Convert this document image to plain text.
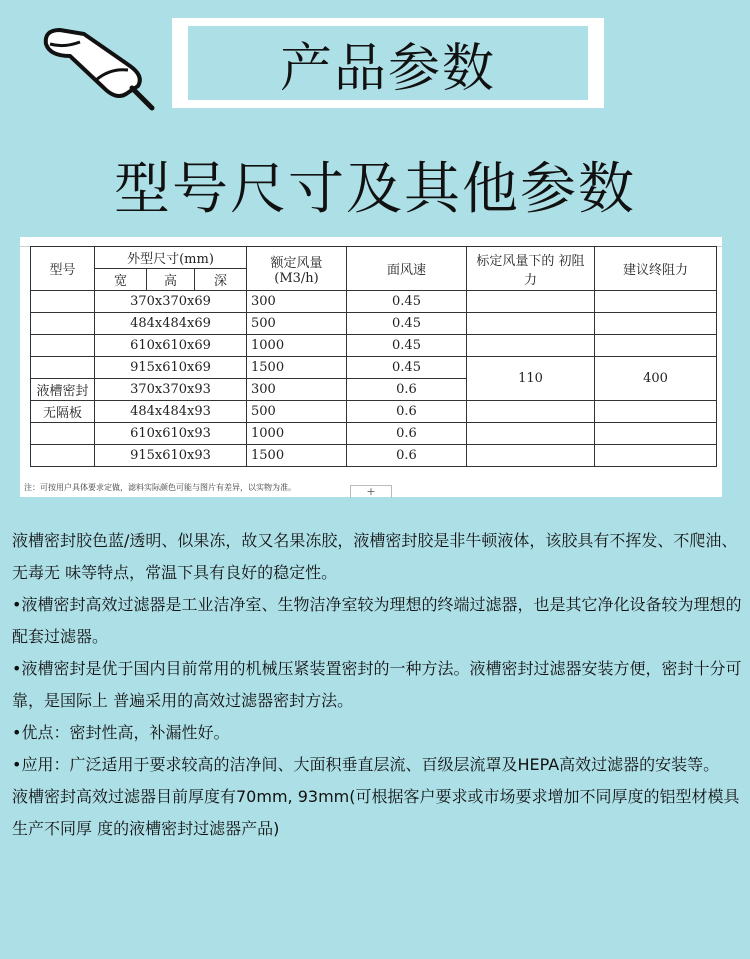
产品参数
型号尺寸及其他参数
型号	外型尺寸(mm)			额定风量
(M3/h)	面风速	标定风量下的 初阻力	建议终阻力
	宽	高	深				
	370x370x69			300	0.45		
	484x484x69			500	0.45		
	610x610x69			1000	0.45		
	915x610x69			1500	0.45	110	400
液槽密封	370x370x93			300	0.6		
无隔板	484x484x93			500	0.6		
	610x610x93			1000	0.6		
	915x610x93			1500	0.6		
注：可按用户具体要求定做，滤料实际颜色可能与图片有差异，以实物为准。	+

液槽密封胶色蓝/透明、似果冻，故又名果冻胶，液槽密封胶是非牛顿液体，该胶具有不挥发、不爬油、无毒无 味等特点，常温下具有良好的稳定性。

•液槽密封高效过滤器是工业洁净室、生物洁净室较为理想的终端过滤器，也是其它净化设备较为理想的配套过滤器。

•液槽密封是优于国内目前常用的机械压紧装置密封的一种方法。液槽密封过滤器安装方便，密封十分可靠，是国际上 普遍采用的高效过滤器密封方法。

•优点：密封性高，补漏性好。

•应用：广泛适用于要求较高的洁净间、大面积垂直层流、百级层流罩及HEPA高效过滤器的安装等。

液槽密封高效过滤器目前厚度有70mm, 93mm(可根据客户要求或市场要求增加不同厚度的铝型材模具生产不同厚 度的液槽密封过滤器产品)
